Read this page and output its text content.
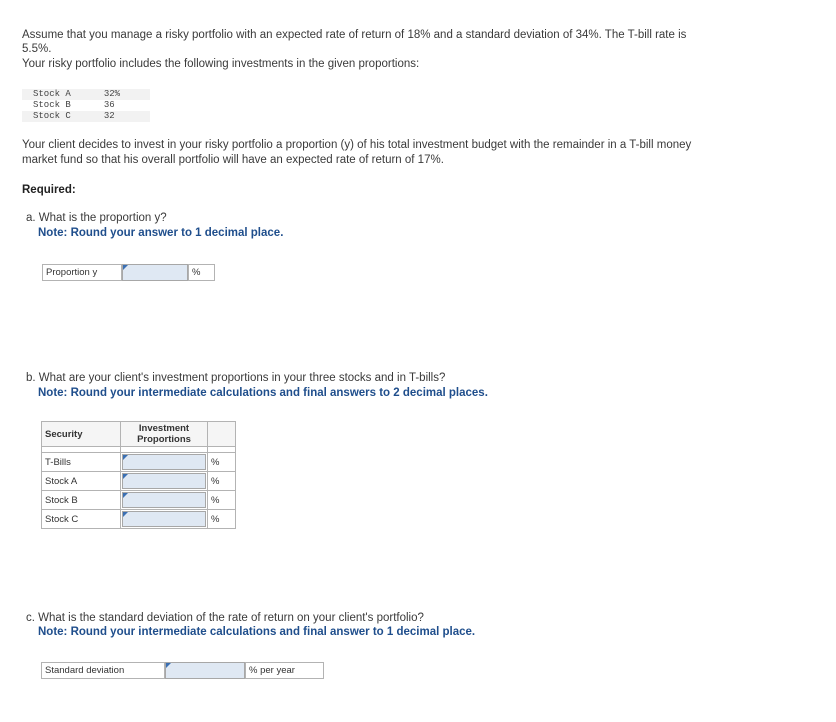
Assume that you manage a risky portfolio with an expected rate of return of 18% and a standard deviation of 34%. The T-bill rate is

5.5%.

Your risky portfolio includes the following investments in the given proportions:

Stock A	32%
Stock B	36
Stock C	32

Your client decides to invest in your risky portfolio a proportion (y) of his total investment budget with the remainder in a T-bill money

market fund so that his overall portfolio will have an expected rate of return of 17%.

Required:

a. What is the proportion y?

Note: Round your answer to 1 decimal place.
Proportion y	%

b. What are your client's investment proportions in your three stocks and in T-bills?

Note: Round your intermediate calculations and final answers to 2 decimal places.
Security	Investment
Proportions	

T-Bills		%
Stock A		%
Stock B		%
Stock C		%

c. What is the standard deviation of the rate of return on your client's portfolio?

Note: Round your intermediate calculations and final answer to 1 decimal place.
Standard deviation	% per year
